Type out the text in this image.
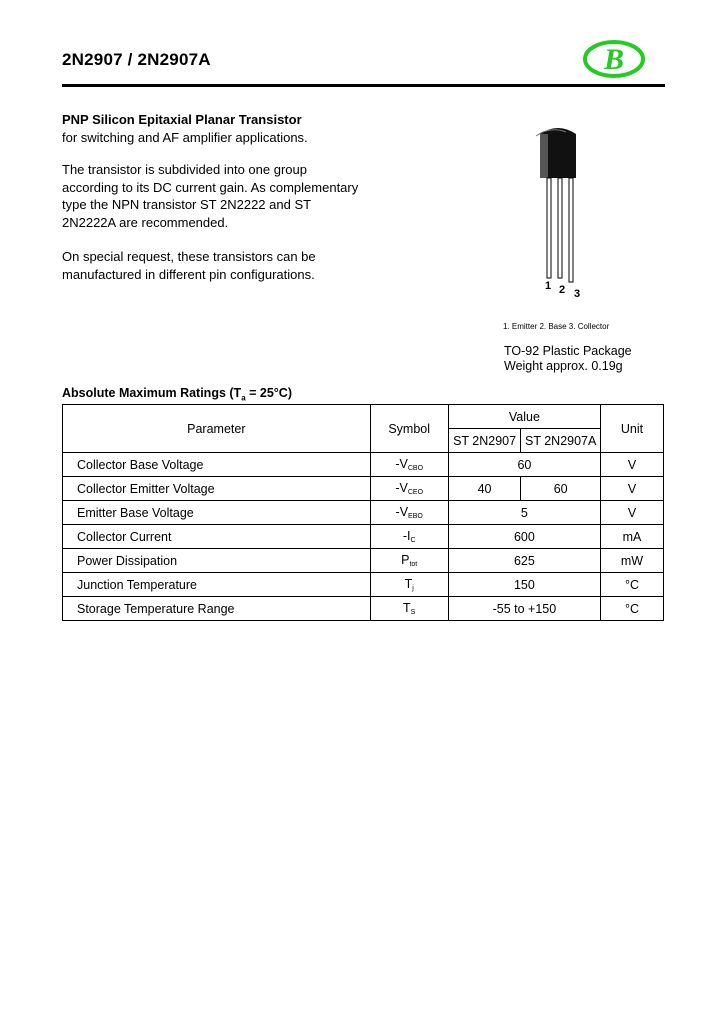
2N2907 / 2N2907A	B
PNP Silicon Epitaxial Planar Transistor
for switching and AF amplifier applications.
The transistor is subdivided into one group according to its DC current gain. As complementary type the NPN transistor ST 2N2222 and ST 2N2222A are recommended.
On special request, these transistors can be manufactured in different pin configurations.
1 2 3
1. Emitter 2. Base 3. Collector
TO-92 Plastic Package
Weight approx. 0.19g
Absolute Maximum Ratings $(T_a = 25^\circ C)$
Parameter	Symbol	Value		Unit
		ST 2N2907	ST 2N2907A	
Collector Base Voltage	$-V_{CBO}$	60		V
Collector Emitter Voltage	$-V_{CEO}$	40	60	V
Emitter Base Voltage	$-V_{EBO}$	5		V
Collector Current	$-I_C$	600		mA
Power Dissipation	$P_{tot}$	625		mW
Junction Temperature	$T_j$	150		°C
Storage Temperature Range	$T_S$	-55 to +150		°C
